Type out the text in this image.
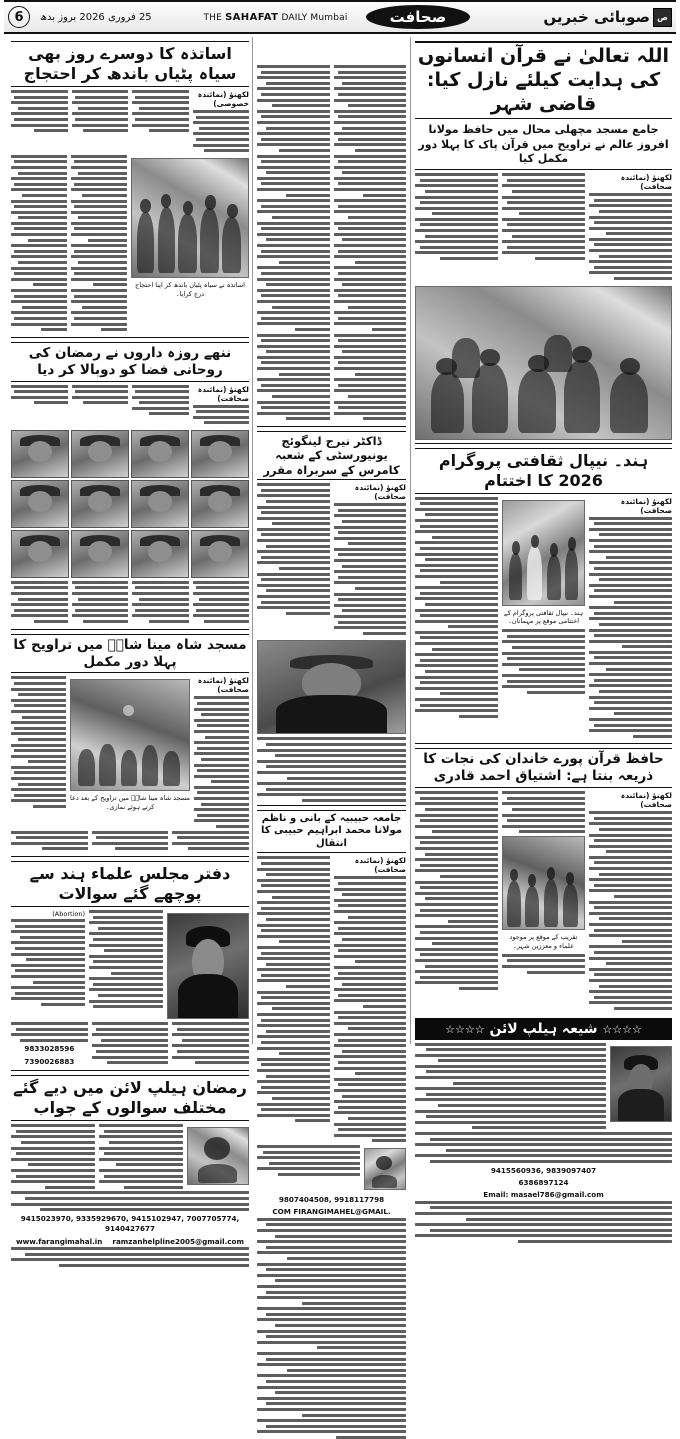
ص
صوبائی خبریں
THE SAHAFAT DAILY Mumbai	صحافت
25 فروری 2026 بروز بدھ
6
اللہ تعالیٰ نے قرآن انسانوں کی ہدایت کیلئے نازل کیا: قاضی شہر
جامع مسجد مچھلی محال میں حافظ مولانا افروز عالم نے تراویح میں قرآن پاک کا پہلا دور مکمل کیا
لکھنؤ (نمائندہ صحافت)
ہند۔ نیپال ثقافتی پروگرام 2026 کا اختتام
لکھنؤ (نمائندہ صحافت)
ہند۔ نیپال ثقافتی پروگرام کے اختتامی موقع پر مہمانان۔
حافظ قرآن پورے خاندان کی نجات کا ذریعہ بنتا ہے: اشتیاق احمد قادری
لکھنؤ (نمائندہ صحافت)
تقریب کے موقع پر موجود علماء و معززین شہر۔
☆☆☆☆ شیعہ ہیلپ لائن ☆☆☆☆
9415560936, 9839097407
6386897124
Email: masael786@gmail.com
ڈاکٹر نیرج لینگوئج یونیورسٹی کے شعبہ کامرس کے سربراہ مقرر
لکھنؤ (نمائندہ صحافت)
جامعہ حبیبیہ کے بانی و ناظم مولانا محمد ابراہیم حبیبی کا انتقال
لکھنؤ (نمائندہ صحافت)
9807404508, 9918117798
COM FIRANGIMAHEL@GMAIL.
اساتذہ کا دوسرے روز بھی سیاہ پٹیاں باندھ کر احتجاج
لکھنؤ (نمائندہ خصوصی)
اساتذہ نے سیاہ پٹیاں باندھ کر اپنا احتجاج درج کرایا۔
ننھے روزہ داروں نے رمضان کی روحانی فضا کو دوبالا کر دیا
لکھنؤ (نمائندہ صحافت)
مسجد شاہ مینا شاہؒ میں تراویح کا پہلا دور مکمل
لکھنؤ (نمائندہ صحافت)
مسجد شاہ مینا شاہؒ میں تراویح کے بعد دعا کرتے ہوئے نمازی۔
دفتر مجلس علماء ہند سے پوچھے گئے سوالات
(Abortion)
9833028596
7390026883
رمضان ہیلپ لائن میں دیے گئے مختلف سوالوں کے جواب
9415023970, 9335929670, 9415102947, 7007705774, 9140427677
www.farangimahal.in ramzanhelpline2005@gmail.com
